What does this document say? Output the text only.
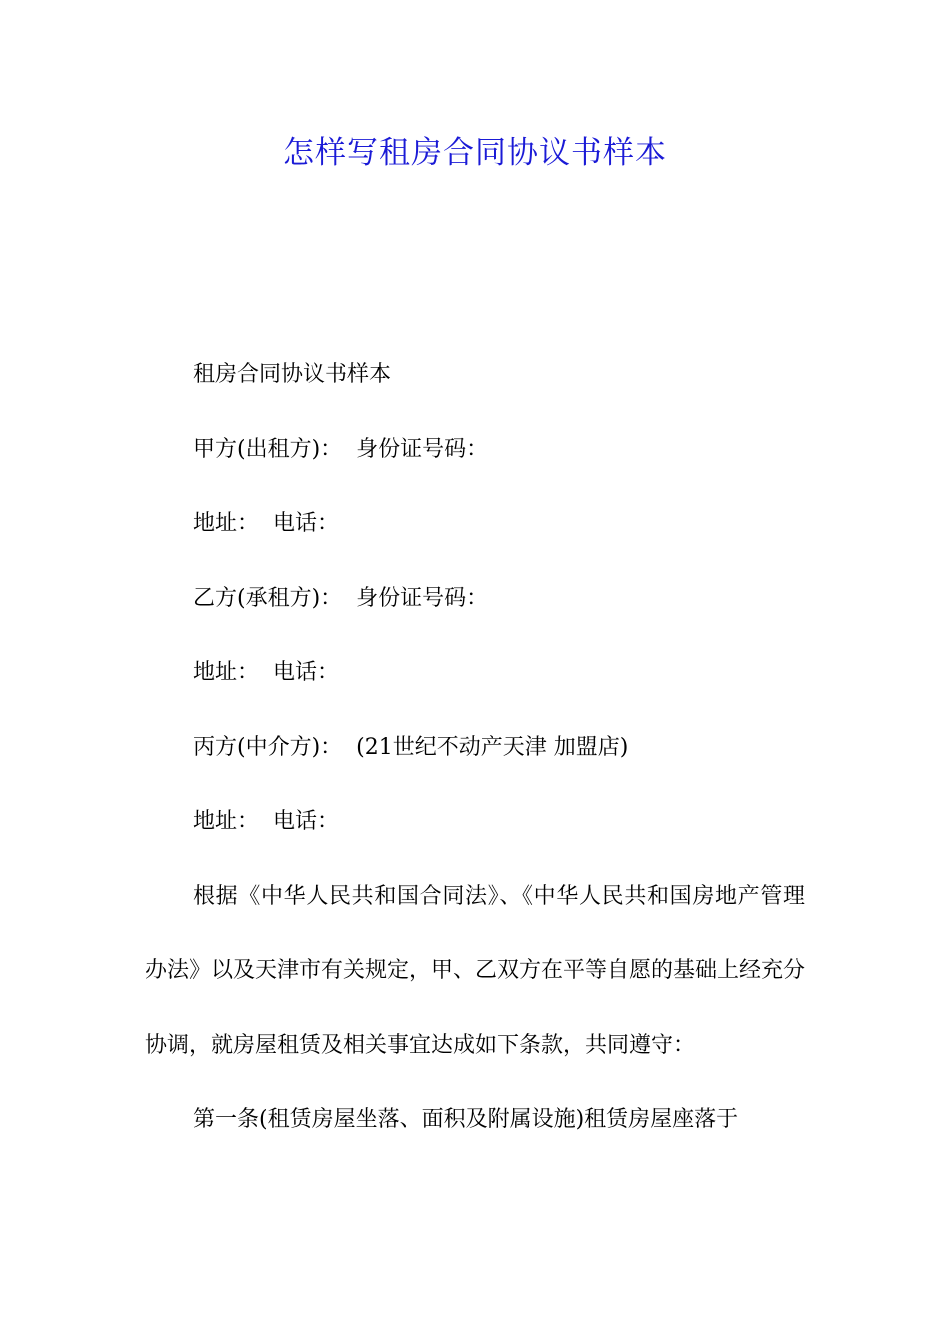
怎样写租房合同协议书样本

租房合同协议书样本

甲方(出租方)：  身份证号码：

地址：  电话：

乙方(承租方)：  身份证号码：

地址：  电话：

丙方(中介方)：  (21世纪不动产天津 加盟店)

地址：  电话：

根据《中华人民共和国合同法》、《中华人民共和国房地产管理办法》以及天津市有关规定，甲、乙双方在平等自愿的基础上经充分协调，就房屋租赁及相关事宜达成如下条款，共同遵守：

第一条(租赁房屋坐落、面积及附属设施)租赁房屋座落于
